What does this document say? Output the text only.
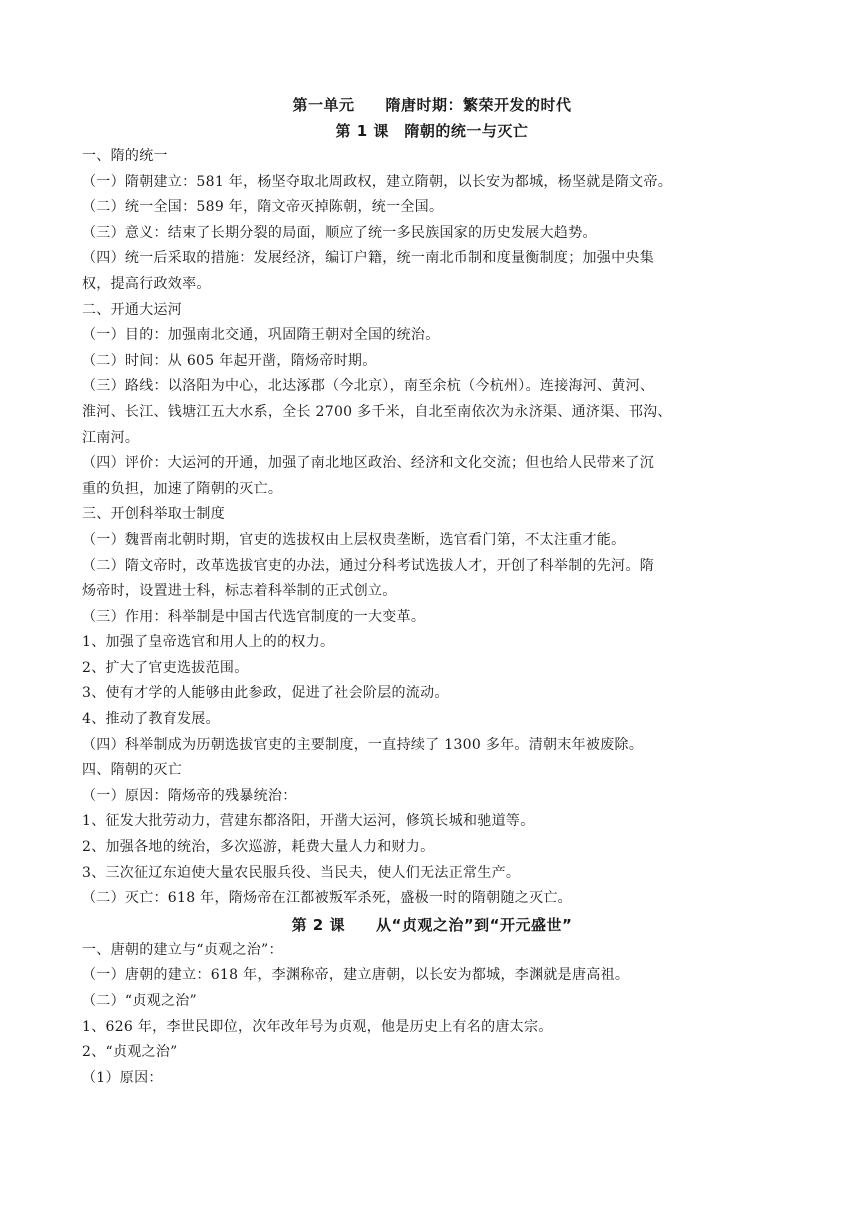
第一单元　　隋唐时期：繁荣开发的时代
第 1 课　隋朝的统一与灭亡
一、隋的统一
（一）隋朝建立：581 年，杨坚夺取北周政权，建立隋朝，以长安为都城，杨坚就是隋文帝。
（二）统一全国：589 年，隋文帝灭掉陈朝，统一全国。
（三）意义：结束了长期分裂的局面，顺应了统一多民族国家的历史发展大趋势。
（四）统一后采取的措施：发展经济，编订户籍，统一南北币制和度量衡制度；加强中央集
权，提高行政效率。
二、开通大运河
（一）目的：加强南北交通，巩固隋王朝对全国的统治。
（二）时间：从 605 年起开凿，隋炀帝时期。
（三）路线：以洛阳为中心，北达涿郡（今北京），南至余杭（今杭州）。连接海河、黄河、
淮河、长江、钱塘江五大水系，全长 2700 多千米，自北至南依次为永济渠、通济渠、邗沟、
江南河。
（四）评价：大运河的开通，加强了南北地区政治、经济和文化交流；但也给人民带来了沉
重的负担，加速了隋朝的灭亡。
三、开创科举取士制度
（一）魏晋南北朝时期，官吏的选拔权由上层权贵垄断，选官看门第，不太注重才能。
（二）隋文帝时，改革选拔官吏的办法，通过分科考试选拔人才，开创了科举制的先河。隋
炀帝时，设置进士科，标志着科举制的正式创立。
（三）作用：科举制是中国古代选官制度的一大变革。
1、加强了皇帝选官和用人上的的权力。
2、扩大了官吏选拔范围。
3、使有才学的人能够由此参政，促进了社会阶层的流动。
4、推动了教育发展。
（四）科举制成为历朝选拔官吏的主要制度，一直持续了 1300 多年。清朝末年被废除。
四、隋朝的灭亡
（一）原因：隋炀帝的残暴统治：
1、征发大批劳动力，营建东都洛阳，开凿大运河，修筑长城和驰道等。
2、加强各地的统治，多次巡游，耗费大量人力和财力。
3、三次征辽东迫使大量农民服兵役、当民夫，使人们无法正常生产。
（二）灭亡：618 年，隋炀帝在江都被叛军杀死，盛极一时的隋朝随之灭亡。
第 2 课　　从“贞观之治”到“开元盛世”
一、唐朝的建立与“贞观之治”：
（一）唐朝的建立：618 年，李渊称帝，建立唐朝，以长安为都城，李渊就是唐高祖。
（二）“贞观之治”
1、626 年，李世民即位，次年改年号为贞观，他是历史上有名的唐太宗。
2、“贞观之治”
（1）原因：
